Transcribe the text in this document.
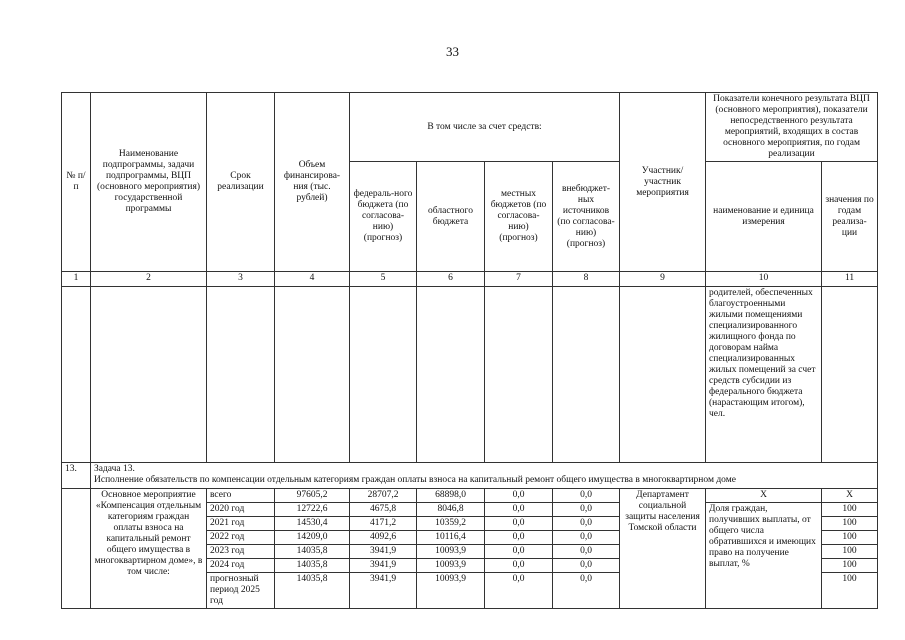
33
№ п/п	Наименование подпрограммы, задачи подпрограммы, ВЦП (основного мероприятия) государственной программы	Срок реализации	Объем финансирова-ния (тыс. рублей)	В том числе за счет средств:				Участник/ участник мероприятия	Показатели конечного результата ВЦП (основного мероприятия), показатели непосредственного результата мероприятий, входящих в состав основного мероприятия, по годам реализации	
				федераль-ного бюджета (по согласова-нию) (прогноз)	областного бюджета	местных бюджетов (по согласова-нию) (прогноз)	внебюджет-ных источников (по согласова-нию) (прогноз)		наименование и единица измерения	значения по годам реализа-ции
1	2	3	4	5	6	7	8	9	10	11
									родителей, обеспеченных благоустроенными жилыми помещениями специализированного жилищного фонда по договорам найма специализированных жилых помещений за счет средств субсидии из федерального бюджета (нарастающим итогом), чел.	
13.	Задача 13.
Исполнение обязательств по компенсации отдельным категориям граждан оплаты взноса на капитальный ремонт общего имущества в многоквартирном доме									

	Основное мероприятие «Компенсация отдельным категориям граждан оплаты взноса на капитальный ремонт общего имущества в многоквартирном доме», в том числе:	всего	97605,2	28707,2	68898,0	0,0	0,0	Департамент социальной защиты населения Томской области	Х	Х
		2020 год	12722,6	4675,8	8046,8	0,0	0,0		Доля граждан, получивших выплаты, от общего числа обратившихся и имеющих право на получение выплат, %	100
		2021 год	14530,4	4171,2	10359,2	0,0	0,0			100
		2022 год	14209,0	4092,6	10116,4	0,0	0,0			100
		2023 год	14035,8	3941,9	10093,9	0,0	0,0			100
		2024 год	14035,8	3941,9	10093,9	0,0	0,0			100
		прогнозный период 2025 год	14035,8	3941,9	10093,9	0,0	0,0			100
